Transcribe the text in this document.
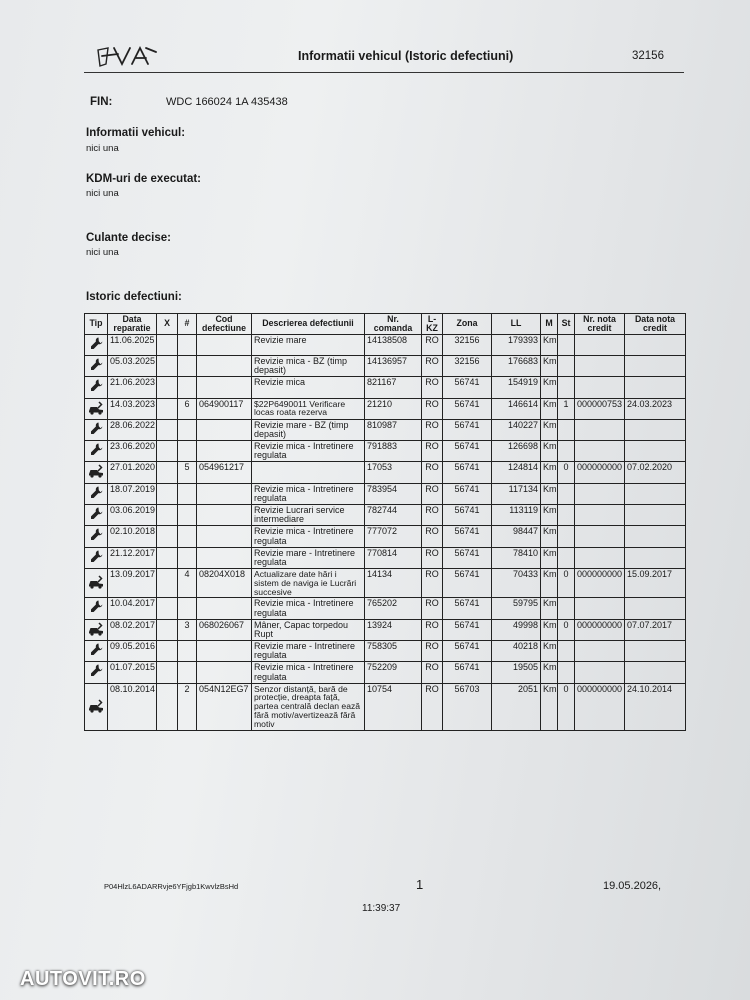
Informatii vehicul (Istoric defectiuni)	32156
FIN:	WDC 166024 1A 435438
Informatii vehicul:
nici una
KDM-uri de executat:
nici una
Culante decise:
nici una
Istoric defectiuni:
Tip	Data reparatie	X	#	Cod defectiune	Descrierea defectiunii	Nr. comanda	L-KZ	Zona	LL	M	St	Nr. nota credit	Data nota credit
	11.06.2025				Revizie mare	14138508	RO	32156	179393	Km			
	05.03.2025				Revizie mica - BZ (timp depasit)	14136957	RO	32156	176683	Km			
	21.06.2023				Revizie mica	821167	RO	56741	154919	Km			
	14.03.2023		6	064900117	$22P6490011 Verificare locas roata rezerva	21210	RO	56741	146614	Km	1	000000753	24.03.2023
	28.06.2022				Revizie mare - BZ (timp depasit)	810987	RO	56741	140227	Km			
	23.06.2020				Revizie mica - Intretinere regulata	791883	RO	56741	126698	Km			
	27.01.2020		5	054961217		17053	RO	56741	124814	Km	0	000000000	07.02.2020
	18.07.2019				Revizie mica - Intretinere regulata	783954	RO	56741	117134	Km			
	03.06.2019				Revizie Lucrari service intermediare	782744	RO	56741	113119	Km			
	02.10.2018				Revizie mica - Intretinere regulata	777072	RO	56741	98447	Km			
	21.12.2017				Revizie mare - Intretinere regulata	770814	RO	56741	78410	Km			
	13.09.2017		4	08204X018	Actualizare date hări i sistem de naviga ie Lucrări succesive	14134	RO	56741	70433	Km	0	000000000	15.09.2017
	10.04.2017				Revizie mica - Intretinere regulata	765202	RO	56741	59795	Km			
	08.02.2017		3	068026067	Mâner, Capac torpedou Rupt	13924	RO	56741	49998	Km	0	000000000	07.07.2017
	09.05.2016				Revizie mare - Intretinere regulata	758305	RO	56741	40218	Km			
	01.07.2015				Revizie mica - Intretinere regulata	752209	RO	56741	19505	Km			
	08.10.2014		2	054N12EG7	Senzor distanță, bară de protecție, dreapta față, partea centrală declan ează fără motiv/avertizează fără motiv	10754	RO	56703	2051	Km	0	000000000	24.10.2014
P04HlzL6ADARRvje6YFjgb1KwvlzBsHd	1	19.05.2026,
11:39:37
AUTOVIT.RO
